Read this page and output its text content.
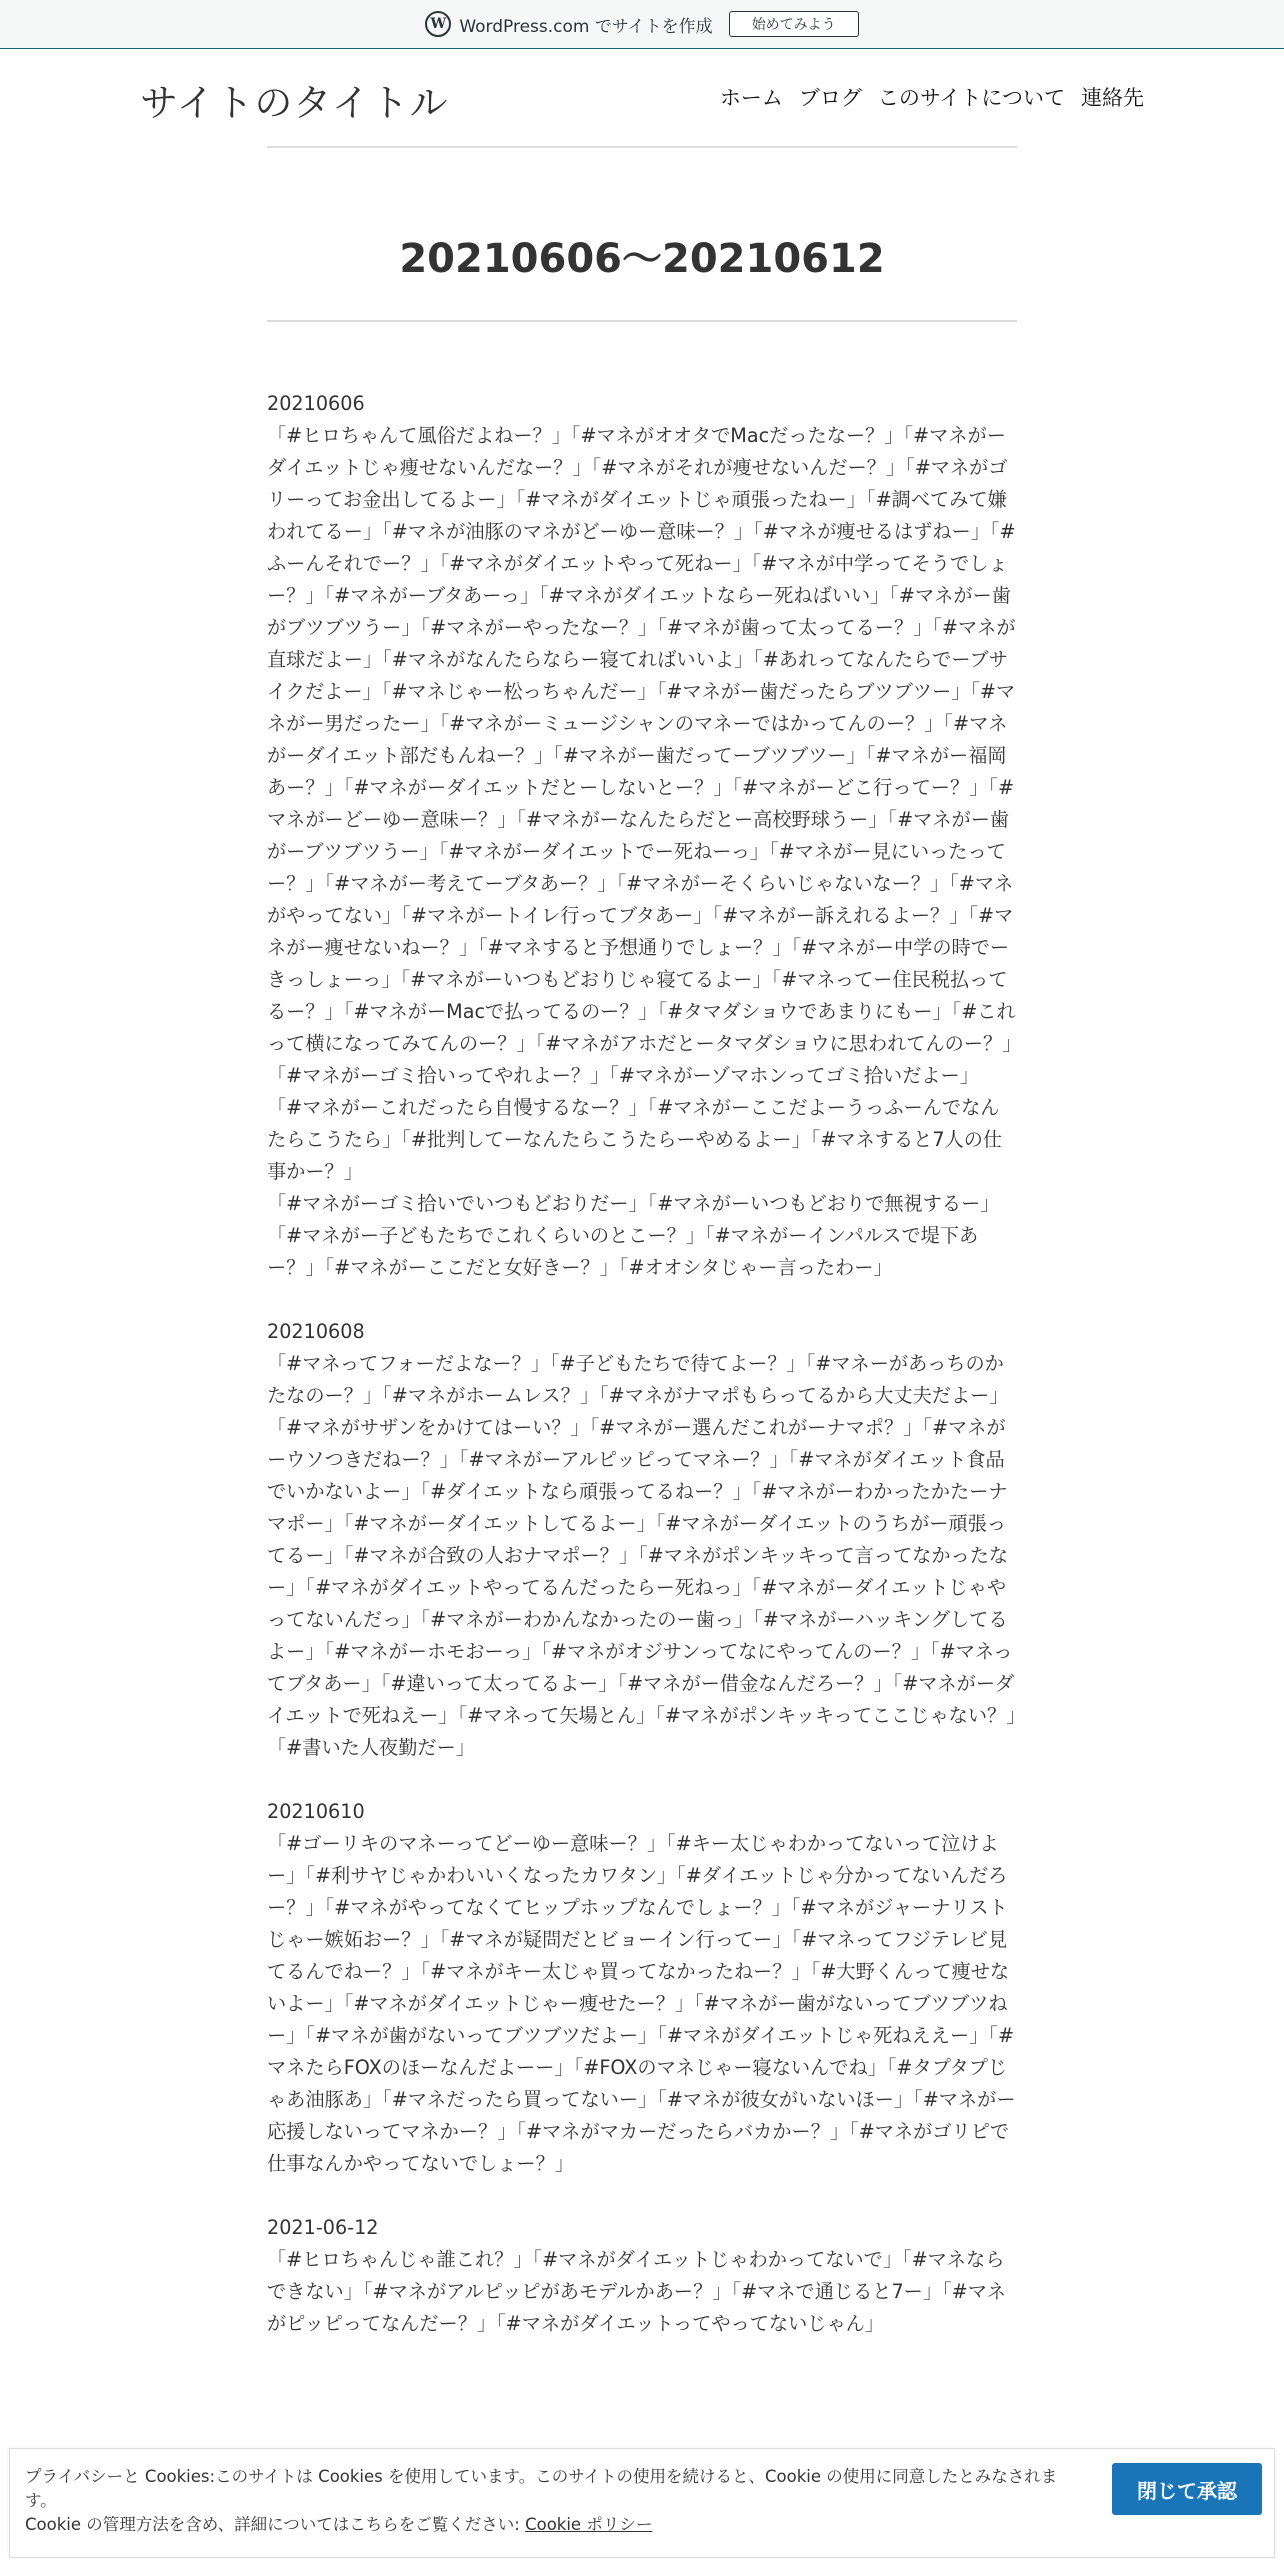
W WordPress.com でサイトを作成	始めてみよう
サイトのタイトル	ホーム ブログ このサイトについて 連絡先
20210606～20210612

20210606

「#ヒロちゃんて風俗だよねー？」「#マネがオオタでMacだったなー？」「#マネがーダイエットじゃ痩せないんだなー？」「#マネがそれが痩せないんだー？」「#マネがゴリーってお金出してるよー」「#マネがダイエットじゃ頑張ったねー」「#調べてみて嫌われてるー」「#マネが油豚のマネがどーゆー意味ー？」「#マネが痩せるはずねー」「#ふーんそれでー？」「#マネがダイエットやって死ねー」「#マネが中学ってそうでしょー？」「#マネがーブタあーっ」「#マネがダイエットならー死ねばいい」「#マネがー歯がブツブツうー」「#マネがーやったなー？」「#マネが歯って太ってるー？」「#マネが直球だよー」「#マネがなんたらならー寝てればいいよ」「#あれってなんたらでーブサイクだよー」「#マネじゃー松っちゃんだー」「#マネがー歯だったらブツブツー」「#マネがー男だったー」「#マネがーミュージシャンのマネーではかってんのー？」「#マネがーダイエット部だもんねー？」「#マネがー歯だってーブツブツー」「#マネがー福岡あー？」「#マネがーダイエットだとーしないとー？」「#マネがーどこ行ってー？」「#マネがーどーゆー意味ー？」「#マネがーなんたらだとー高校野球うー」「#マネがー歯がーブツブツうー」「#マネがーダイエットでー死ねーっ」「#マネがー見にいったってー？」「#マネがー考えてーブタあー？」「#マネがーそくらいじゃないなー？」「#マネがやってない」「#マネがートイレ行ってブタあー」「#マネがー訴えれるよー？」「#マネがー痩せないねー？」「#マネすると予想通りでしょー？」「#マネがー中学の時でーきっしょーっ」「#マネがーいつもどおりじゃ寝てるよー」「#マネってー住民税払ってるー？」「#マネがーMacで払ってるのー？」「#タマダショウであまりにもー」「#これって横になってみてんのー？」「#マネがアホだとータマダショウに思われてんのー？」「#マネがーゴミ拾いってやれよー？」「#マネがーゾマホンってゴミ拾いだよー」

「#マネがーこれだったら自慢するなー？」「#マネがーここだよーうっふーんでなんたらこうたら」「#批判してーなんたらこうたらーやめるよー」「#マネすると7人の仕事かー？」

「#マネがーゴミ拾いでいつもどおりだー」「#マネがーいつもどおりで無視するー」「#マネがー子どもたちでこれくらいのとこー？」「#マネがーインパルスで堤下あー？」「#マネがーここだと女好きー？」「#オオシタじゃー言ったわー」

20210608

「#マネってフォーだよなー？」「#子どもたちで待てよー？」「#マネーがあっちのかたなのー？」「#マネがホームレス？」「#マネがナマポもらってるから大丈夫だよー」「#マネがサザンをかけてはーい？」「#マネがー選んだこれがーナマポ？」「#マネがーウソつきだねー？」「#マネがーアルピッピってマネー？」「#マネがダイエット食品でいかないよー」「#ダイエットなら頑張ってるねー？」「#マネがーわかったかたーナマポー」「#マネがーダイエットしてるよー」「#マネがーダイエットのうちがー頑張ってるー」「#マネが合致の人おナマポー？」「#マネがポンキッキって言ってなかったなー」「#マネがダイエットやってるんだったらー死ねっ」「#マネがーダイエットじゃやってないんだっ」「#マネがーわかんなかったのー歯っ」「#マネがーハッキングしてるよー」「#マネがーホモおーっ」「#マネがオジサンってなにやってんのー？」「#マネってブタあー」「#違いって太ってるよー」「#マネがー借金なんだろー？」「#マネがーダイエットで死ねえー」「#マネって矢場とん」「#マネがポンキッキってここじゃない？」「#書いた人夜勤だー」

20210610

「#ゴーリキのマネーってどーゆー意味ー？」「#キー太じゃわかってないって泣けよー」「#利サヤじゃかわいいくなったカワタン」「#ダイエットじゃ分かってないんだろー？」「#マネがやってなくてヒップホップなんでしょー？」「#マネがジャーナリストじゃー嫉妬おー？」「#マネが疑問だとビョーイン行ってー」「#マネってフジテレビ見てるんでねー？」「#マネがキー太じゃ買ってなかったねー？」「#大野くんって痩せないよー」「#マネがダイエットじゃー痩せたー？」「#マネがー歯がないってブツブツねー」「#マネが歯がないってブツブツだよー」「#マネがダイエットじゃ死ねええー」「#マネたらFOXのほーなんだよーー」「#FOXのマネじゃー寝ないんでね」「#タプタプじゃあ油豚あ」「#マネだったら買ってないー」「#マネが彼女がいないほー」「#マネがー応援しないってマネかー？」「#マネがマカーだったらバカかー？」「#マネがゴリピで仕事なんかやってないでしょー？」

2021-06-12

「#ヒロちゃんじゃ誰これ？」「#マネがダイエットじゃわかってないで」「#マネならできない」「#マネがアルピッピがあモデルかあー？」「#マネで通じると7ー」「#マネがピッピってなんだー？」「#マネがダイエットってやってないじゃん」

プライバシーと Cookies:このサイトは Cookies を使用しています。このサイトの使用を続けると、Cookie の使用に同意したとみなされます。
Cookie の管理方法を含め、詳細についてはこちらをご覧ください: Cookie ポリシー
閉じて承認
